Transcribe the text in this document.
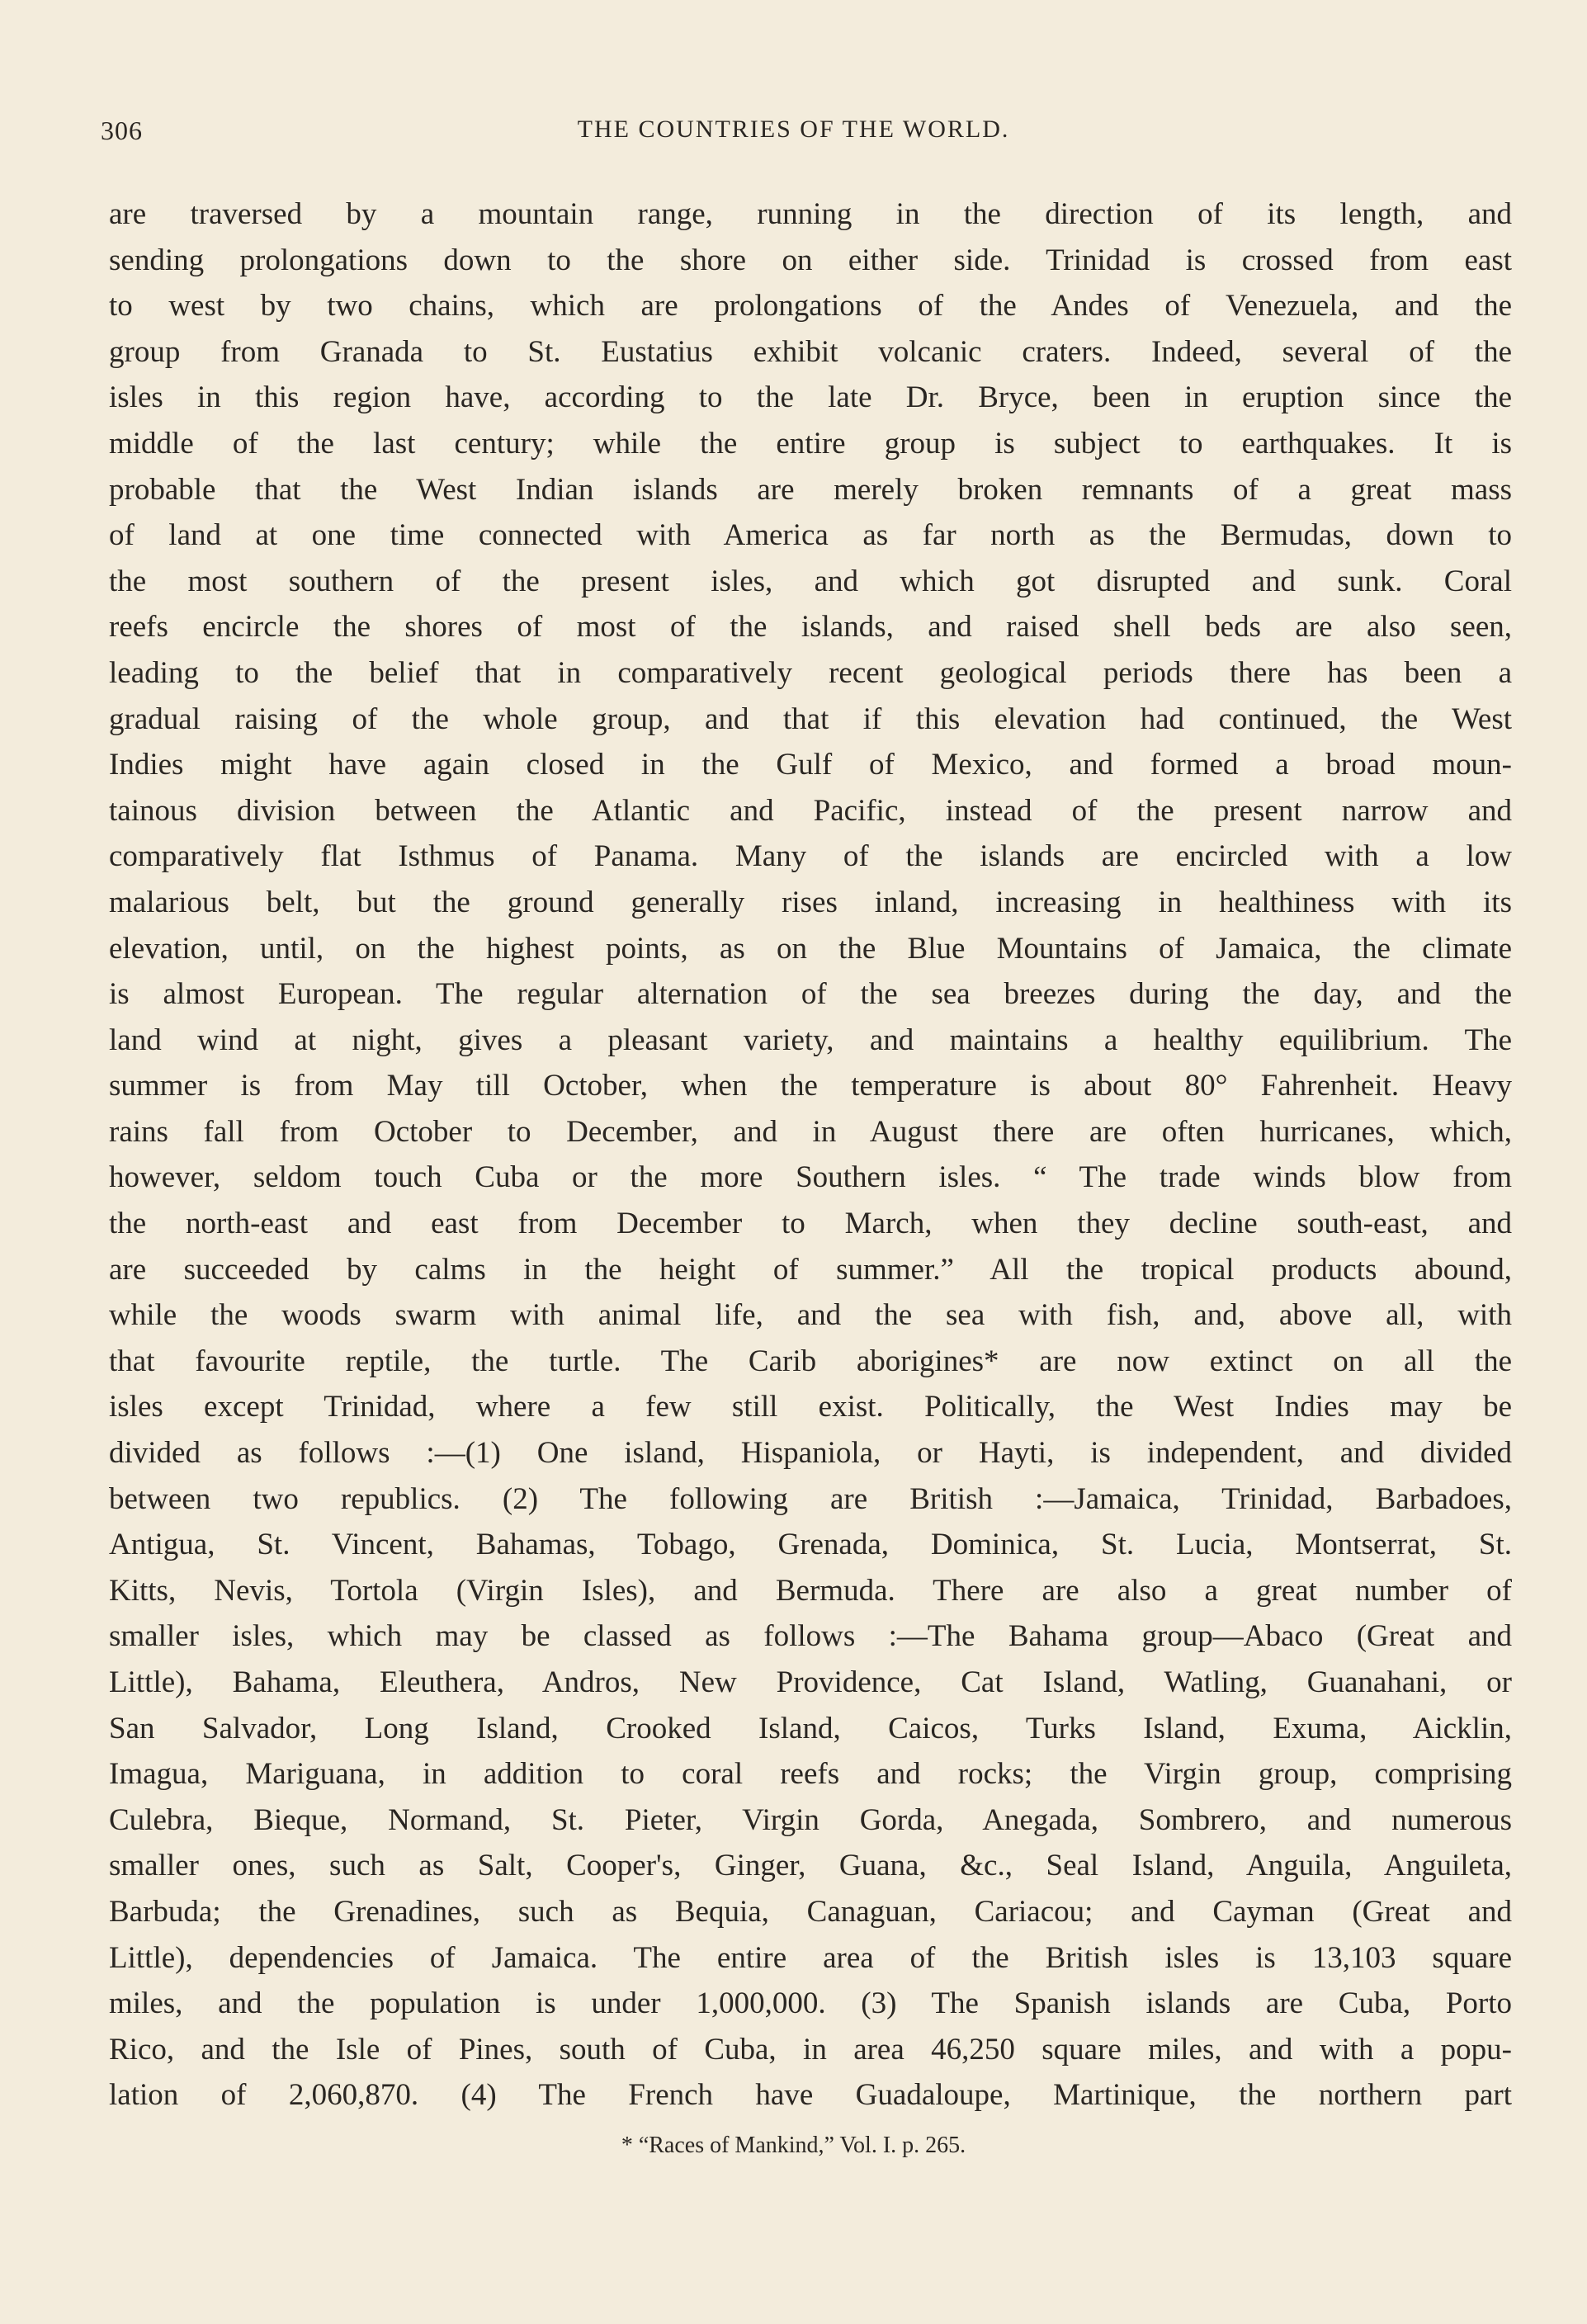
306	THE COUNTRIES OF THE WORLD.
are traversed by a mountain range, running in the direction of its length, and
sending prolongations down to the shore on either side. Trinidad is crossed from east
to west by two chains, which are prolongations of the Andes of Venezuela, and the
group from Granada to St. Eustatius exhibit volcanic craters. Indeed, several of the
isles in this region have, according to the late Dr. Bryce, been in eruption since the
middle of the last century; while the entire group is subject to earthquakes. It is
probable that the West Indian islands are merely broken remnants of a great mass
of land at one time connected with America as far north as the Bermudas, down to
the most southern of the present isles, and which got disrupted and sunk. Coral
reefs encircle the shores of most of the islands, and raised shell beds are also seen,
leading to the belief that in comparatively recent geological periods there has been a
gradual raising of the whole group, and that if this elevation had continued, the West
Indies might have again closed in the Gulf of Mexico, and formed a broad moun-
tainous division between the Atlantic and Pacific, instead of the present narrow and
comparatively flat Isthmus of Panama. Many of the islands are encircled with a low
malarious belt, but the ground generally rises inland, increasing in healthiness with its
elevation, until, on the highest points, as on the Blue Mountains of Jamaica, the climate
is almost European. The regular alternation of the sea breezes during the day, and the
land wind at night, gives a pleasant variety, and maintains a healthy equilibrium. The
summer is from May till October, when the temperature is about 80° Fahrenheit. Heavy
rains fall from October to December, and in August there are often hurricanes, which,
however, seldom touch Cuba or the more Southern isles. “ The trade winds blow from
the north-east and east from December to March, when they decline south-east, and
are succeeded by calms in the height of summer.” All the tropical products abound,
while the woods swarm with animal life, and the sea with fish, and, above all, with
that favourite reptile, the turtle. The Carib aborigines* are now extinct on all the
isles except Trinidad, where a few still exist. Politically, the West Indies may be
divided as follows :—(1) One island, Hispaniola, or Hayti, is independent, and divided
between two republics. (2) The following are British :—Jamaica, Trinidad, Barbadoes,
Antigua, St. Vincent, Bahamas, Tobago, Grenada, Dominica, St. Lucia, Montserrat, St.
Kitts, Nevis, Tortola (Virgin Isles), and Bermuda. There are also a great number of
smaller isles, which may be classed as follows :—The Bahama group—Abaco (Great and
Little), Bahama, Eleuthera, Andros, New Providence, Cat Island, Watling, Guanahani, or
San Salvador, Long Island, Crooked Island, Caicos, Turks Island, Exuma, Aicklin,
Imagua, Mariguana, in addition to coral reefs and rocks; the Virgin group, comprising
Culebra, Bieque, Normand, St. Pieter, Virgin Gorda, Anegada, Sombrero, and numerous
smaller ones, such as Salt, Cooper's, Ginger, Guana, &c., Seal Island, Anguila, Anguileta,
Barbuda; the Grenadines, such as Bequia, Canaguan, Cariacou; and Cayman (Great and
Little), dependencies of Jamaica. The entire area of the British isles is 13,103 square
miles, and the population is under 1,000,000. (3) The Spanish islands are Cuba, Porto
Rico, and the Isle of Pines, south of Cuba, in area 46,250 square miles, and with a popu-
lation of 2,060,870. (4) The French have Guadaloupe, Martinique, the northern part
* “Races of Mankind,” Vol. I. p. 265.
